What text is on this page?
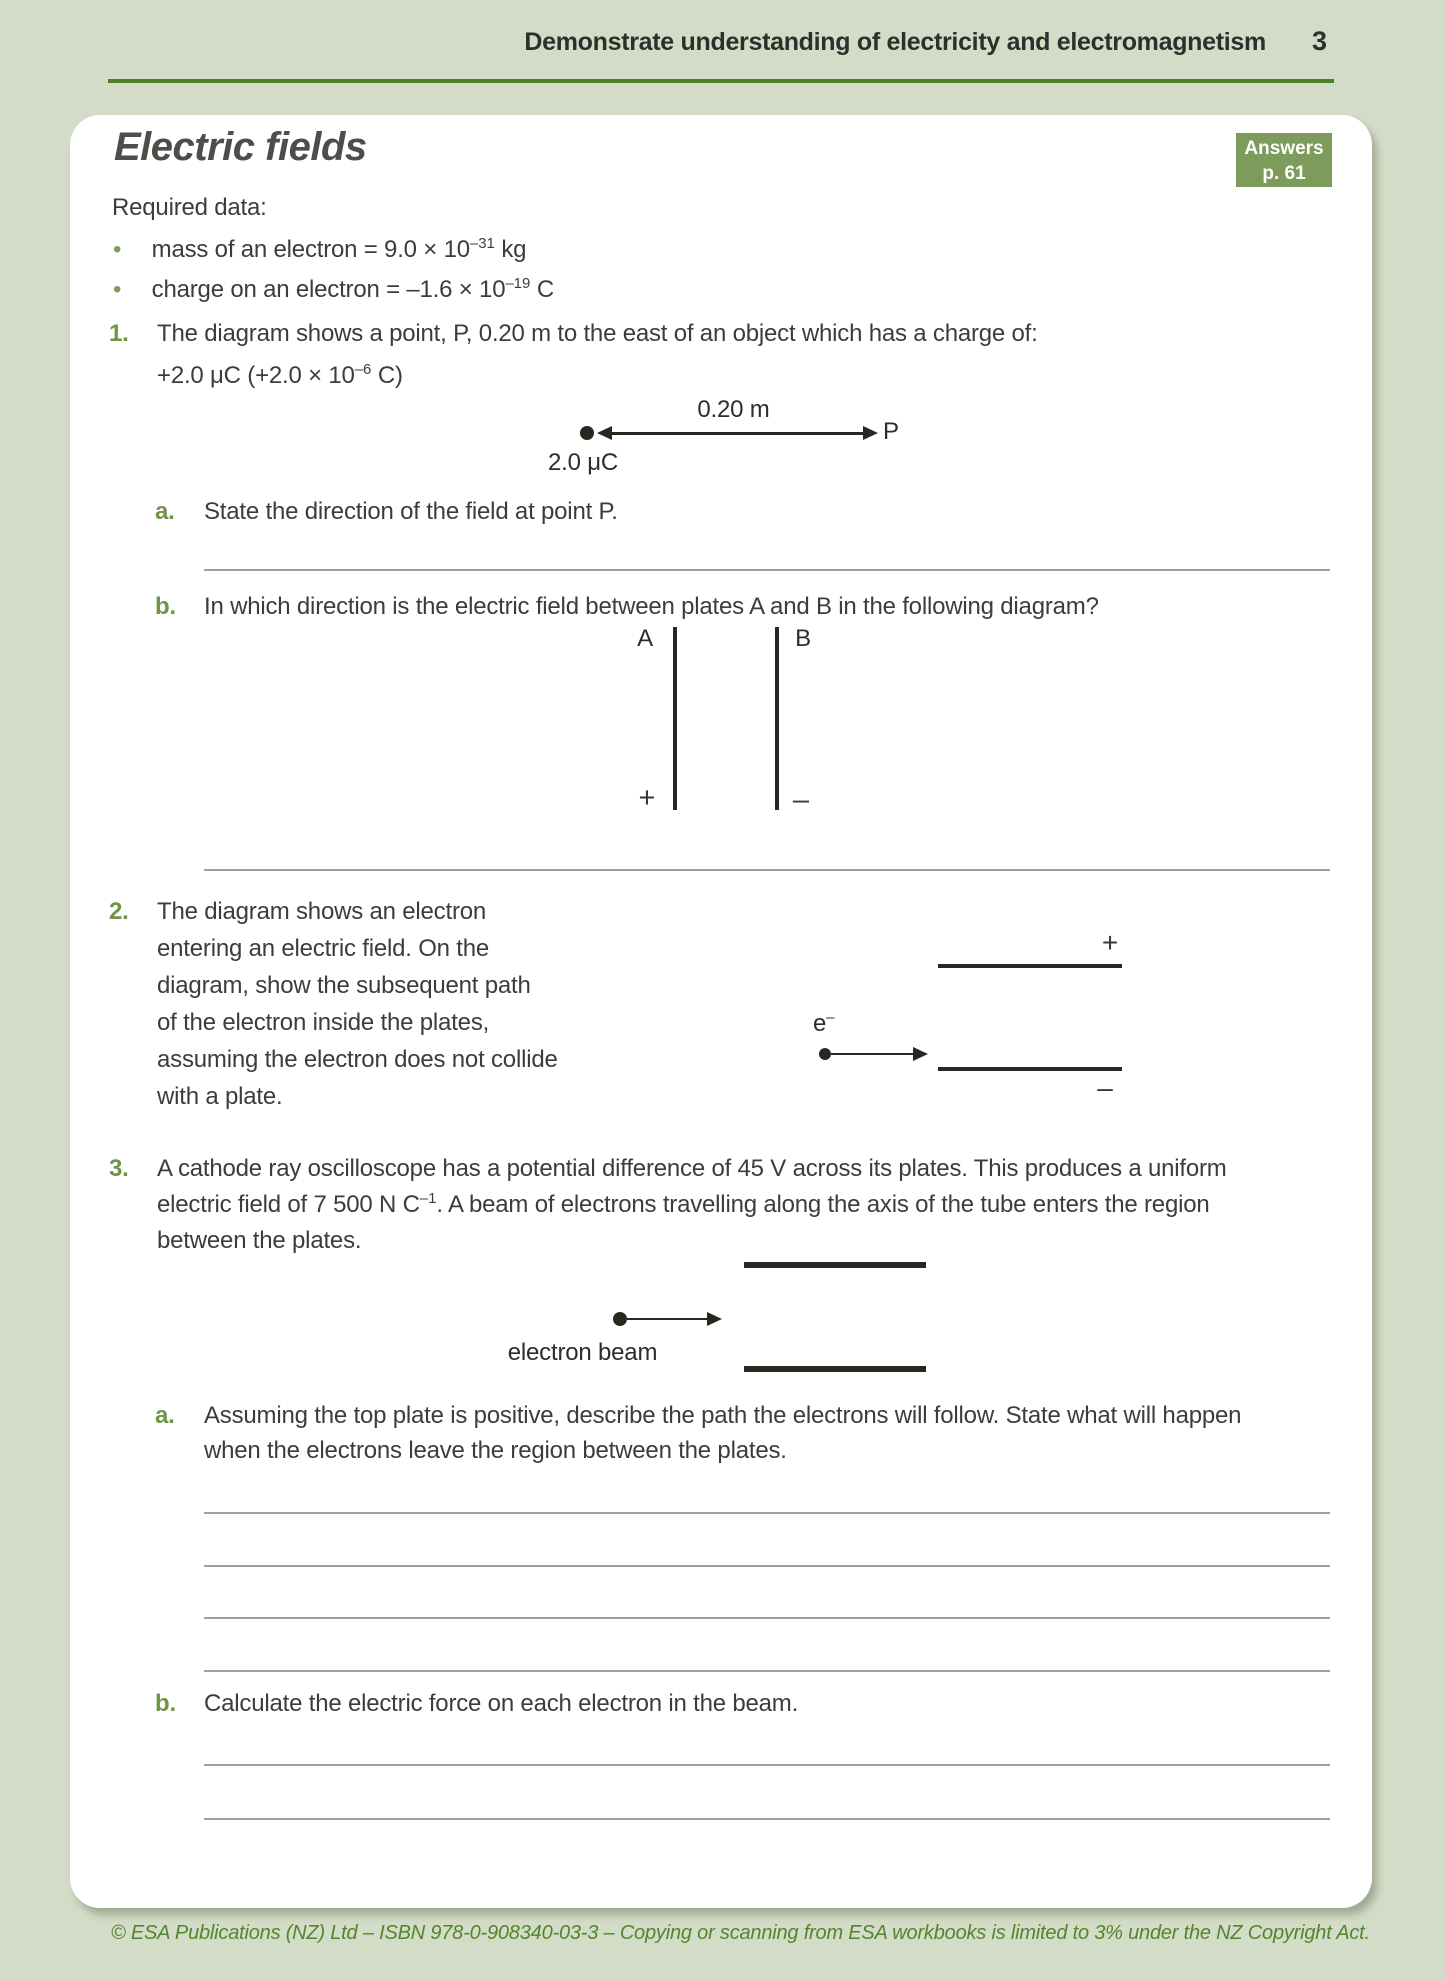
Demonstrate understanding of electricity and electromagnetism 3
Electric fields	Answers
p. 61
Required data:
• mass of an electron = $9.0 \times 10^{-31}$ kg
• charge on an electron = $-1.6 \times 10^{-19}$ C
1. The diagram shows a point, P, 0.20 m to the east of an object which has a charge of:
+2.0 μC ($+2.0 \times 10^{-6}$ C)
0.20 m
P
2.0 μC
a. State the direction of the field at point P.
b. In which direction is the electric field between plates A and B in the following diagram?
A
+
B
–
2. The diagram shows an electron
entering an electric field. On the
diagram, show the subsequent path
of the electron inside the plates,
assuming the electron does not collide
with a plate.
+
e–
–
3. A cathode ray oscilloscope has a potential difference of 45 V across its plates. This produces a uniform
electric field of 7 500 N $C^{-1}$. A beam of electrons travelling along the axis of the tube enters the region
between the plates.
electron beam
a. Assuming the top plate is positive, describe the path the electrons will follow. State what will happen
when the electrons leave the region between the plates.
b. Calculate the electric force on each electron in the beam.
© ESA Publications (NZ) Ltd – ISBN 978-0-908340-03-3 – Copying or scanning from ESA workbooks is limited to 3% under the NZ Copyright Act.
